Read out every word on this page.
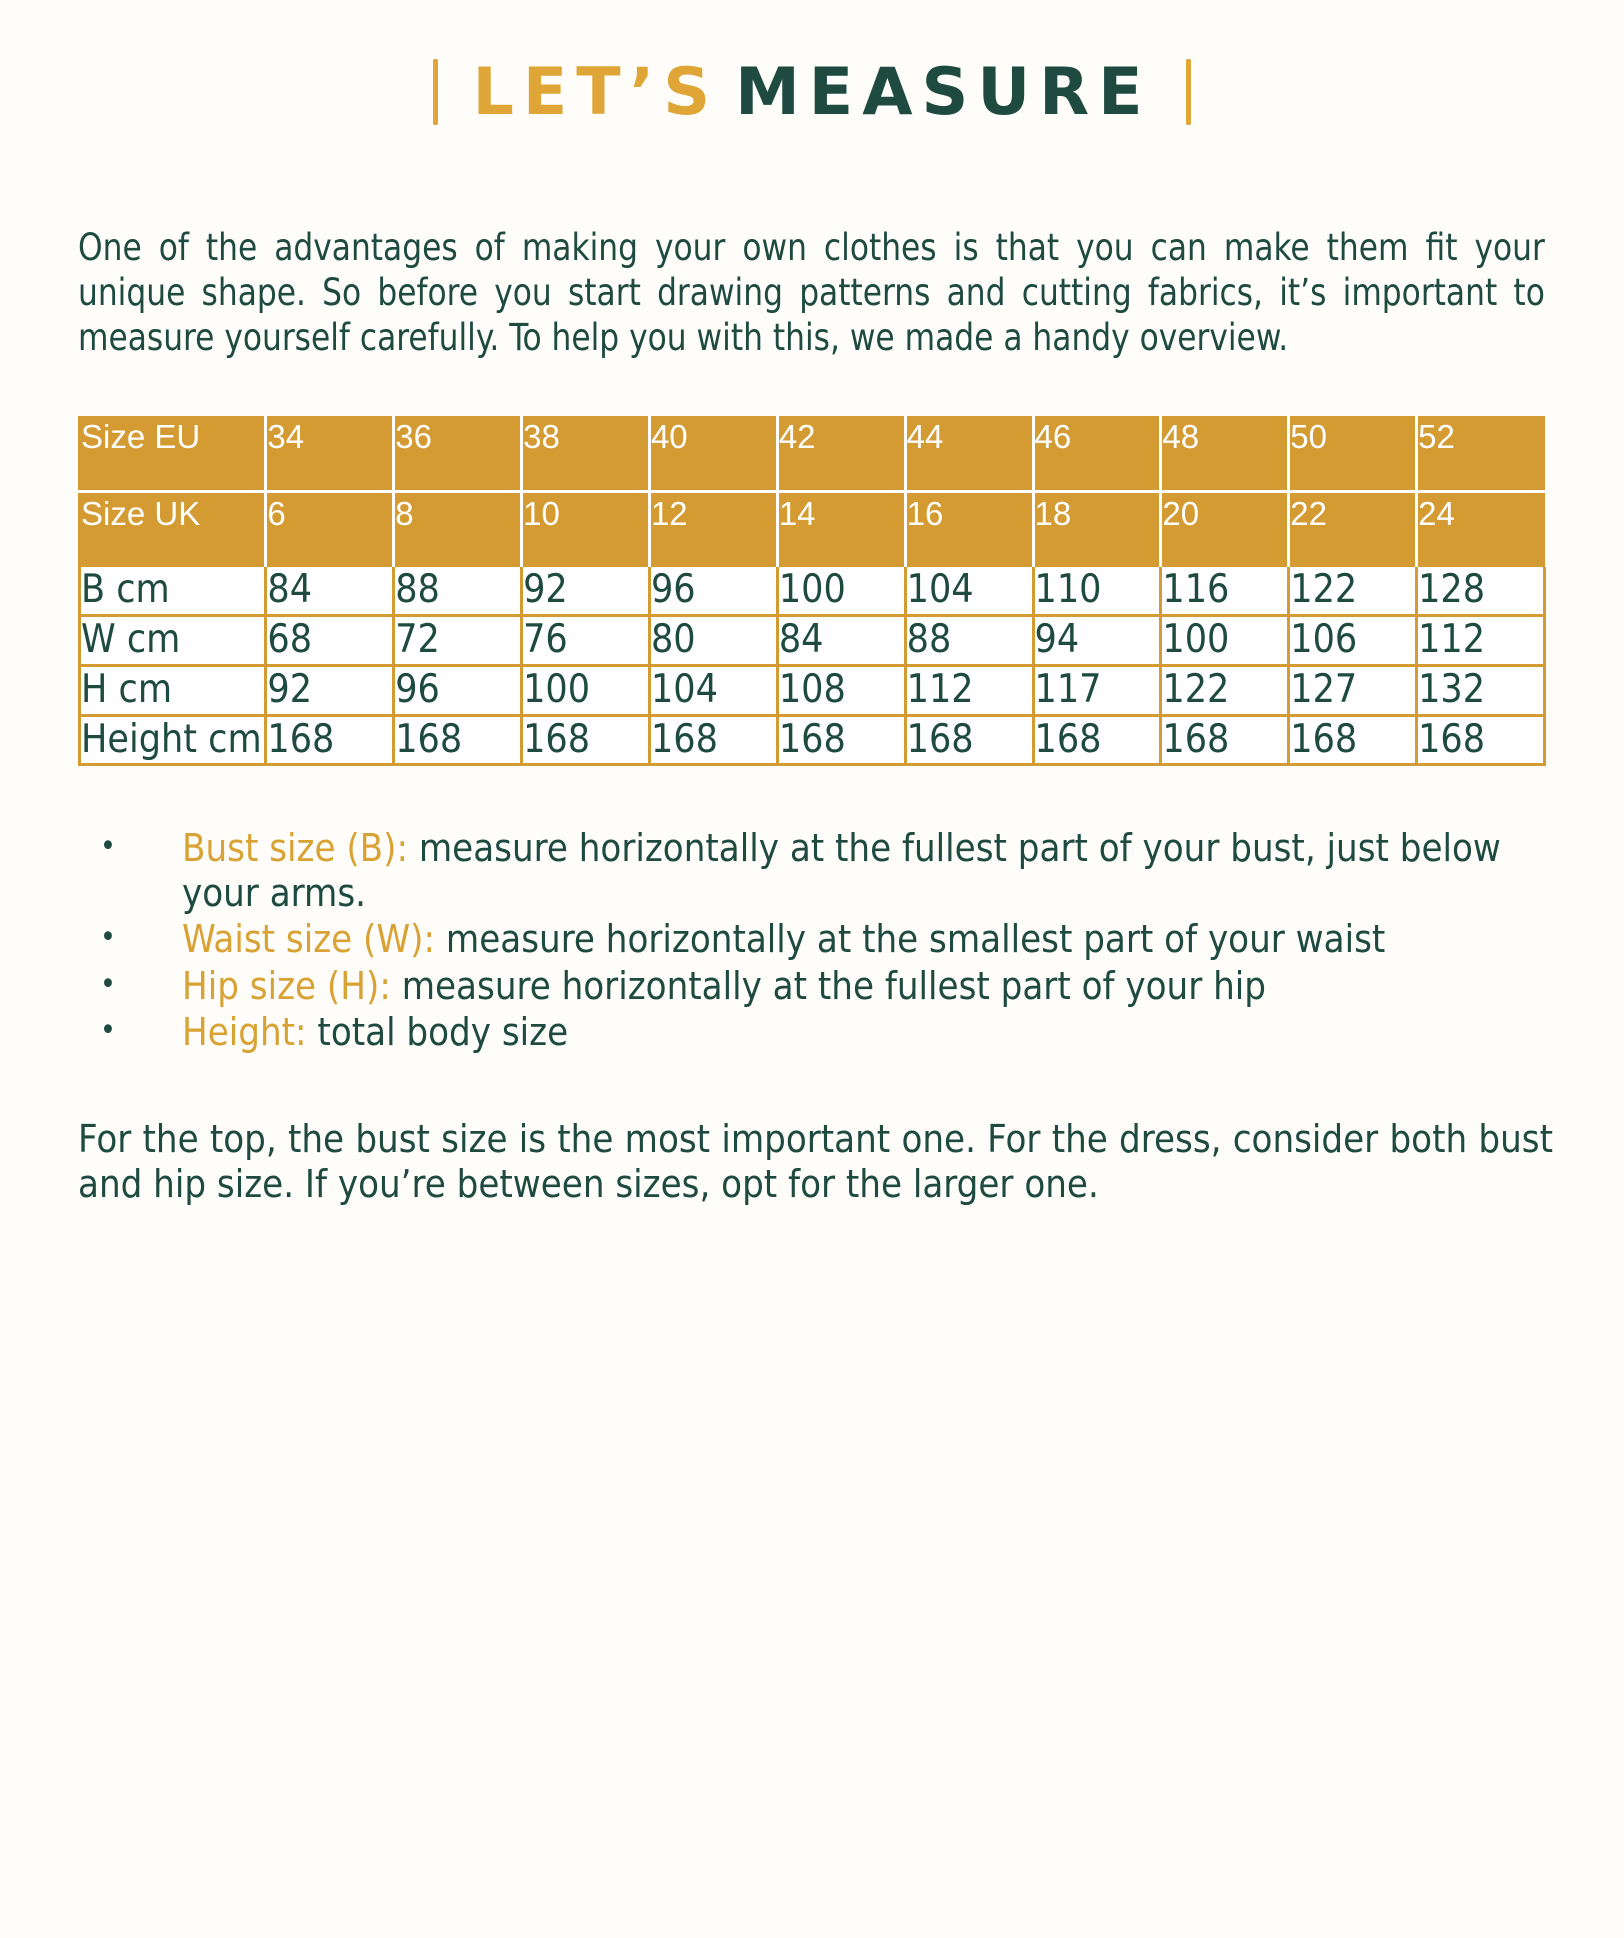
LET’S MEASURE

One of the advantages of making your own clothes is that you can make them fit your unique shape. So before you start drawing patterns and cutting fabrics, it’s important to measure yourself carefully. To help you with this, we made a handy overview.

Size EU	34	36	38	40	42	44	46	48	50	52
Size UK	6	8	10	12	14	16	18	20	22	24
B cm	84	88	92	96	100	104	110	116	122	128
W cm	68	72	76	80	84	88	94	100	106	112
H cm	92	96	100	104	108	112	117	122	127	132
Height cm	168	168	168	168	168	168	168	168	168	168
•	Bust size (B): measure horizontally at the fullest part of your bust, just below your arms.
•	Waist size (W): measure horizontally at the smallest part of your waist
•	Hip size (H): measure horizontally at the fullest part of your hip
•	Height: total body size

For the top, the bust size is the most important one. For the dress, consider both bust and hip size. If you’re between sizes, opt for the larger one.
